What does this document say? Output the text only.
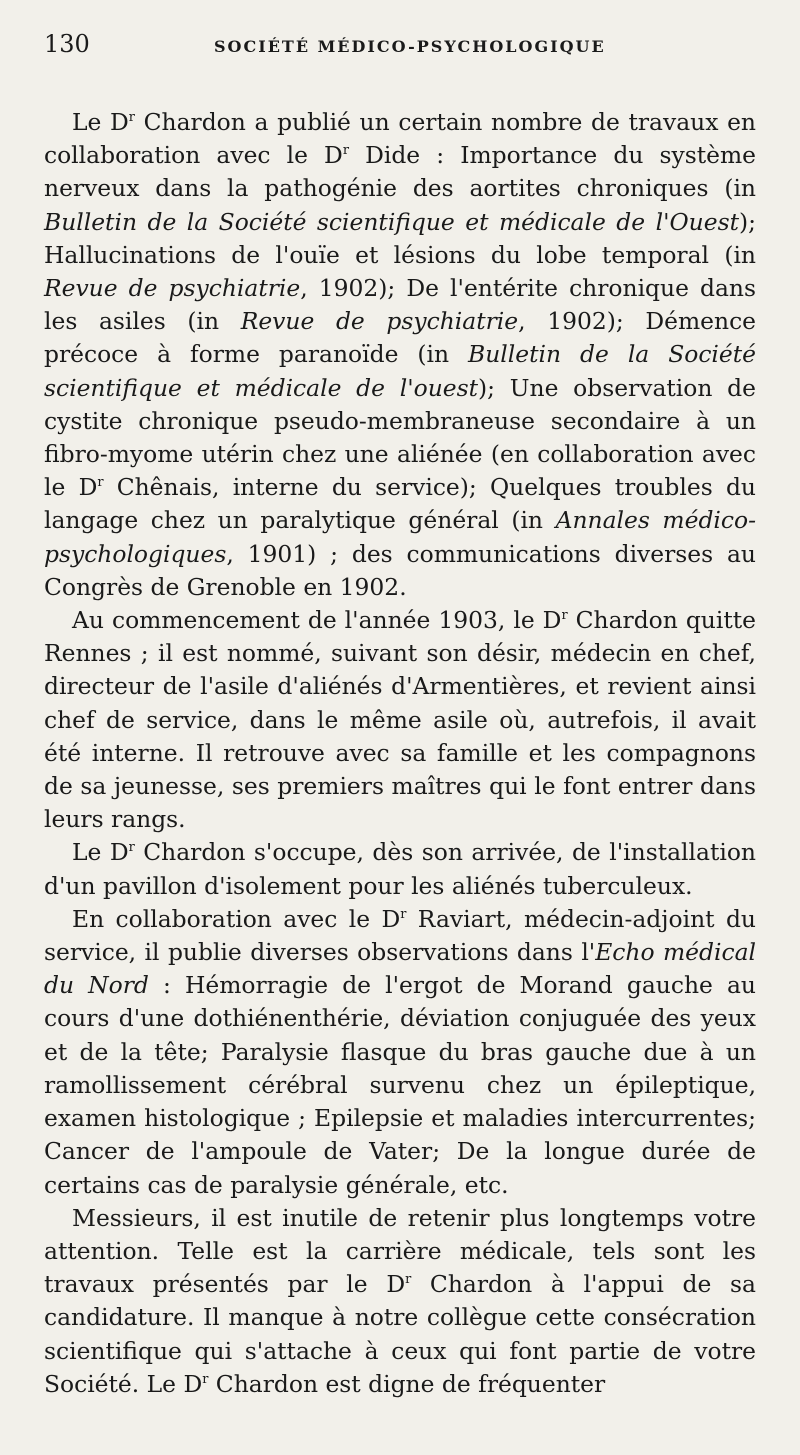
130	SOCIÉTÉ MÉDICO-PSYCHOLOGIQUE

Le $D^r$ Chardon a publié un certain nombre de travaux en collaboration avec le $D^r$ Dide : Importance du système nerveux dans la pathogénie des aortites chroniques (in Bulletin de la Société scientifique et médicale de l'Ouest); Hallucinations de l'ouïe et lésions du lobe temporal (in Revue de psychiatrie, 1902); De l'entérite chronique dans les asiles (in Revue de psychiatrie, 1902); Démence précoce à forme paranoïde (in Bulletin de la Société scientifique et médicale de l'ouest); Une observation de cystite chronique pseudo-membraneuse secondaire à un fibro-myome utérin chez une aliénée (en collaboration avec le $D^r$ Chênais, interne du service); Quelques troubles du langage chez un paralytique général (in Annales médico-psychologiques, 1901) ; des communications diverses au Congrès de Grenoble en 1902.

Au commencement de l'année 1903, le $D^r$ Chardon quitte Rennes ; il est nommé, suivant son désir, médecin en chef, directeur de l'asile d'aliénés d'Armentières, et revient ainsi chef de service, dans le même asile où, autrefois, il avait été interne. Il retrouve avec sa famille et les compagnons de sa jeunesse, ses premiers maîtres qui le font entrer dans leurs rangs.

Le $D^r$ Chardon s'occupe, dès son arrivée, de l'installation d'un pavillon d'isolement pour les aliénés tuberculeux.

En collaboration avec le $D^r$ Raviart, médecin-adjoint du service, il publie diverses observations dans l'Echo médical du Nord : Hémorragie de l'ergot de Morand gauche au cours d'une dothiénenthérie, déviation conjuguée des yeux et de la tête; Paralysie flasque du bras gauche due à un ramollissement cérébral survenu chez un épileptique, examen histologique ; Epilepsie et maladies intercurrentes; Cancer de l'ampoule de Vater; De la longue durée de certains cas de paralysie générale, etc.

Messieurs, il est inutile de retenir plus longtemps votre attention. Telle est la carrière médicale, tels sont les travaux présentés par le $D^r$ Chardon à l'appui de sa candidature. Il manque à notre collègue cette consécration scientifique qui s'attache à ceux qui font partie de votre Société. Le $D^r$ Chardon est digne de fréquenter
